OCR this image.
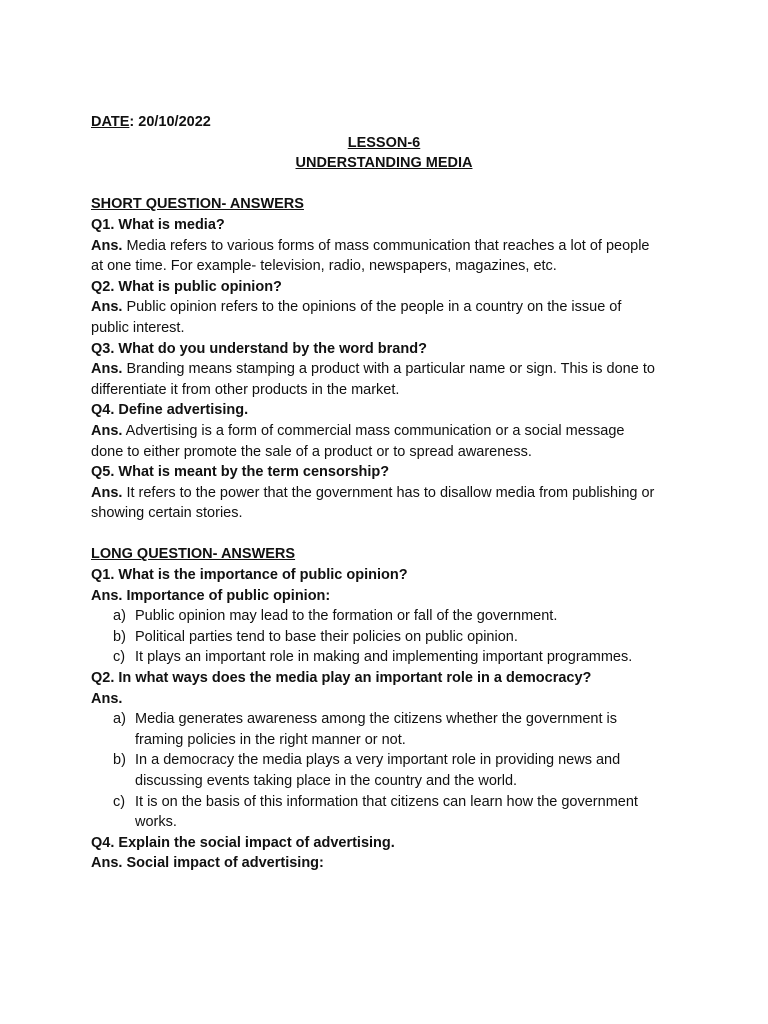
DATE: 20/10/2022

LESSON-6

UNDERSTANDING MEDIA

SHORT QUESTION- ANSWERS

Q1. What is media?

Ans. Media refers to various forms of mass communication that reaches a lot of people

at one time. For example- television, radio, newspapers, magazines, etc.

Q2. What is public opinion?

Ans. Public opinion refers to the opinions of the people in a country on the issue of

public interest.

Q3. What do you understand by the word brand?

Ans. Branding means stamping a product with a particular name or sign. This is done to

differentiate it from other products in the market.

Q4. Define advertising.

Ans. Advertising is a form of commercial mass communication or a social message

done to either promote the sale of a product or to spread awareness.

Q5. What is meant by the term censorship?

Ans. It refers to the power that the government has to disallow media from publishing or

showing certain stories.

LONG QUESTION- ANSWERS

Q1. What is the importance of public opinion?

Ans. Importance of public opinion:

a) Public opinion may lead to the formation or fall of the government.
b) Political parties tend to base their policies on public opinion.
c) It plays an important role in making and implementing important programmes.

Q2. In what ways does the media play an important role in a democracy?

Ans.

a) Media generates awareness among the citizens whether the government is
framing policies in the right manner or not.
b) In a democracy the media plays a very important role in providing news and
discussing events taking place in the country and the world.
c) It is on the basis of this information that citizens can learn how the government
works.

Q4. Explain the social impact of advertising.

Ans. Social impact of advertising:
